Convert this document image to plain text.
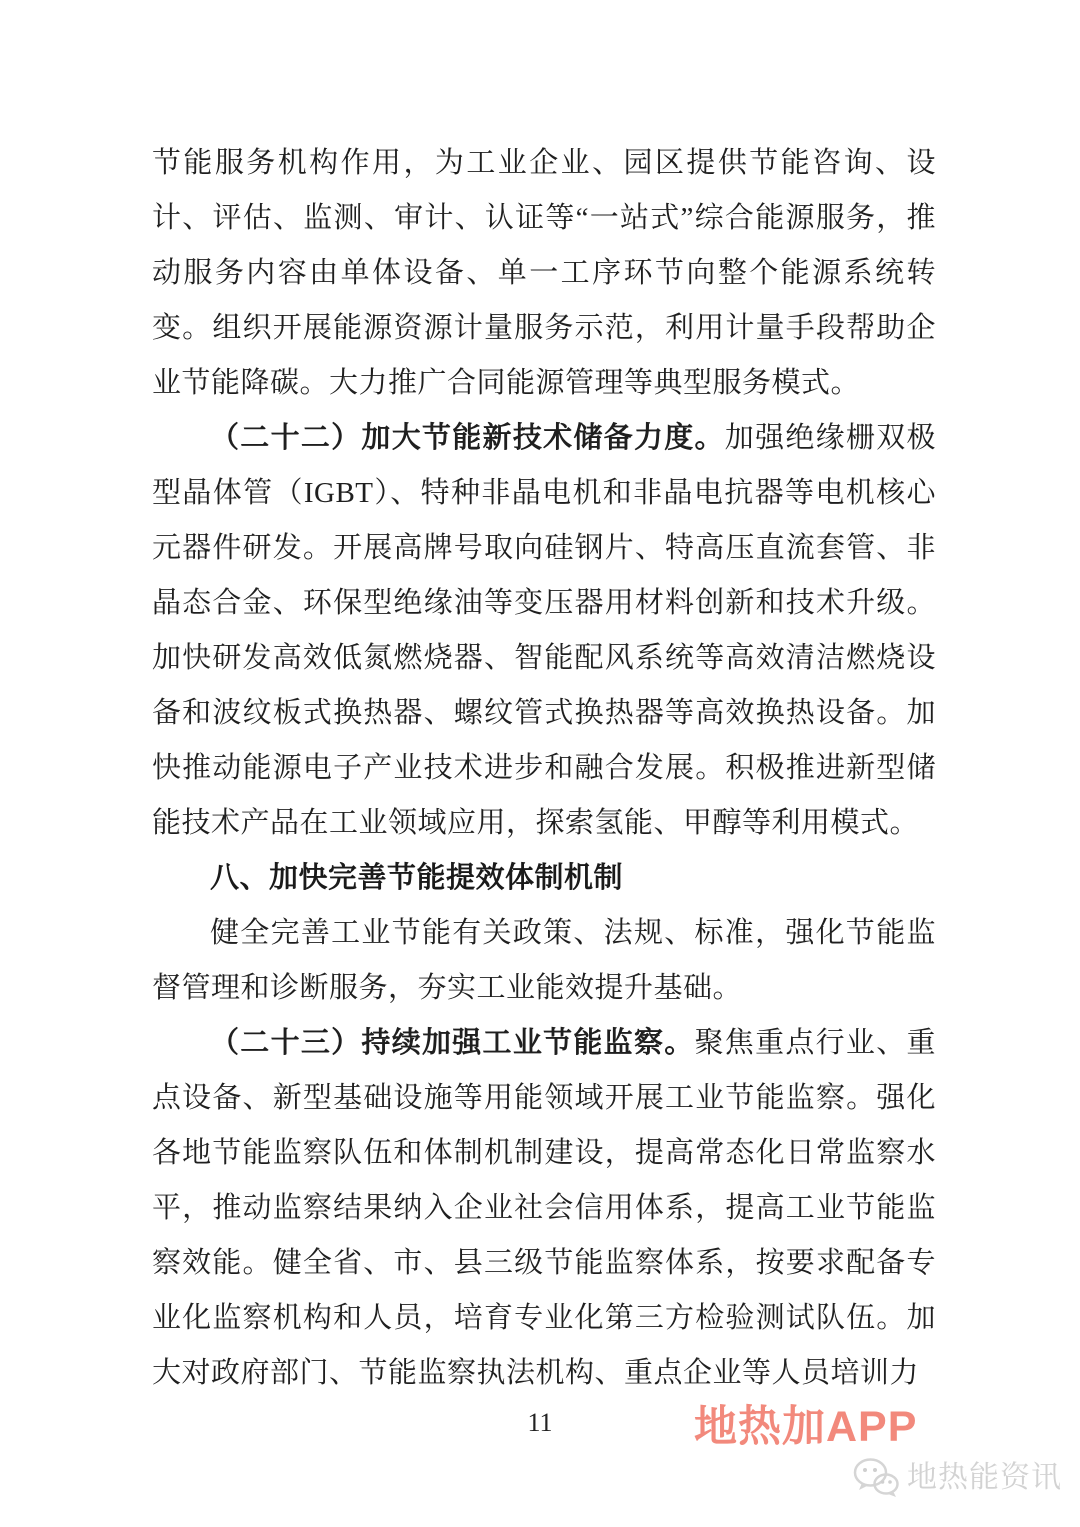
节能服务机构作用，为工业企业、园区提供节能咨询、设计、评估、监测、审计、认证等“一站式”综合能源服务，推动服务内容由单体设备、单一工序环节向整个能源系统转变。组织开展能源资源计量服务示范，利用计量手段帮助企业节能降碳。大力推广合同能源管理等典型服务模式。

（二十二）加大节能新技术储备力度。加强绝缘栅双极型晶体管（IGBT）、特种非晶电机和非晶电抗器等电机核心元器件研发。开展高牌号取向硅钢片、特高压直流套管、非晶态合金、环保型绝缘油等变压器用材料创新和技术升级。加快研发高效低氮燃烧器、智能配风系统等高效清洁燃烧设备和波纹板式换热器、螺纹管式换热器等高效换热设备。加快推动能源电子产业技术进步和融合发展。积极推进新型储能技术产品在工业领域应用，探索氢能、甲醇等利用模式。

八、加快完善节能提效体制机制

健全完善工业节能有关政策、法规、标准，强化节能监督管理和诊断服务，夯实工业能效提升基础。

（二十三）持续加强工业节能监察。聚焦重点行业、重点设备、新型基础设施等用能领域开展工业节能监察。强化各地节能监察队伍和体制机制建设，提高常态化日常监察水平，推动监察结果纳入企业社会信用体系，提高工业节能监察效能。健全省、市、县三级节能监察体系，按要求配备专业化监察机构和人员，培育专业化第三方检验测试队伍。加大对政府部门、节能监察执法机构、重点企业等人员培训力

11	地热加APP
地热能资讯
